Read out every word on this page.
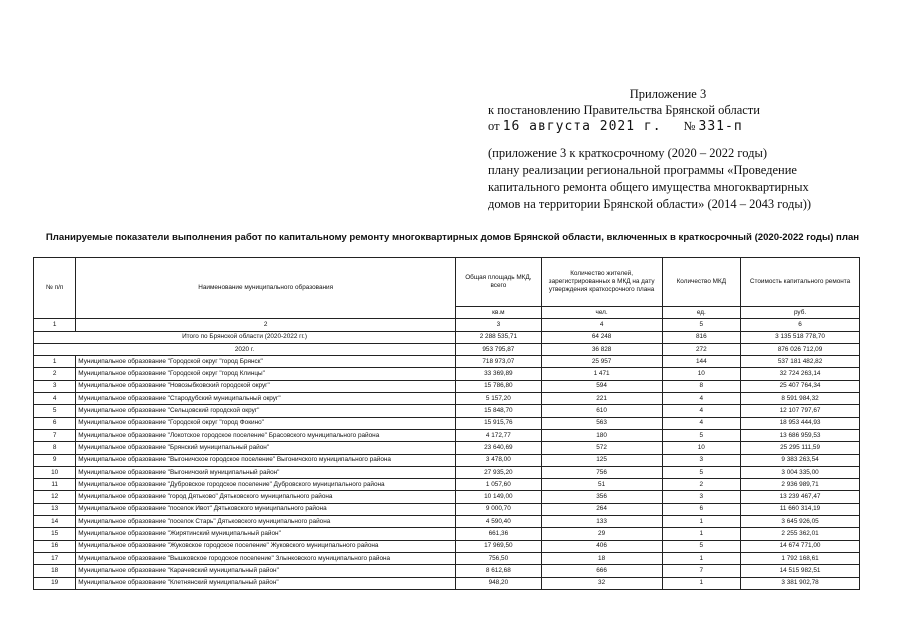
Приложение 3
к постановлению Правительства Брянской области
от 16 августа 2021 г. № 331-п
(приложение 3 к краткосрочному (2020 – 2022 годы)
плану реализации региональной программы «Проведение
капитального ремонта общего имущества многоквартирных
домов на территории Брянской области» (2014 – 2043 годы))
Планируемые показатели выполнения работ по капитальному ремонту многоквартирных домов Брянской области, включенных в краткосрочный (2020-2022 годы) план
№ п/п	Наименование муниципального образования	Общая площадь МКД, всего	Количество жителей, зарегистрированных в МКД на дату утверждения краткосрочного плана	Количество МКД	Стоимость капитального ремонта
		кв.м	чел.	ед.	руб.
1	2	3	4	5	6
Итого по Брянской области (2020-2022 гг.)		2 288 535,71	64 248	816	3 135 518 778,70
2020 г.		953 795,87	36 828	272	876 026 712,09
1	Муниципальное образование "Городской округ "город Брянск"	718 973,07	25 957	144	537 181 482,82
2	Муниципальное образование "Городской округ "город Клинцы"	33 369,89	1 471	10	32 724 263,14
3	Муниципальное образование "Новозыбковский городской округ"	15 786,80	594	8	25 407 764,34
4	Муниципальное образование "Стародубский муниципальный округ"	5 157,20	221	4	8 591 984,32
5	Муниципальное образование "Сельцовский городской округ"	15 848,70	610	4	12 107 797,67
6	Муниципальное образование "Городской округ "город Фокино"	15 915,76	563	4	18 953 444,93
7	Муниципальное образование "Локотское городское поселение" Брасовского муниципального района	4 172,77	180	5	13 686 959,53
8	Муниципальное образование "Брянский муниципальный район"	23 640,69	572	10	25 295 111,59
9	Муниципальное образование "Выгоничское городское поселение" Выгоничского муниципального района	3 478,00	125	3	9 383 263,54
10	Муниципальное образование "Выгоничский муниципальный район"	27 935,20	756	5	3 004 335,00
11	Муниципальное образование "Дубровское городское поселение" Дубровского муниципального района	1 057,60	51	2	2 936 989,71
12	Муниципальное образование "город Дятьково" Дятьковского муниципального района	10 149,00	356	3	13 239 467,47
13	Муниципальное образование "поселок Ивот" Дятьковского муниципального района	9 000,70	264	6	11 660 314,19
14	Муниципальное образование "поселок Старь" Дятьковского муниципального района	4 590,40	133	1	3 645 926,05
15	Муниципальное образование "Жирятинский муниципальный район"	661,36	29	1	2 255 362,01
16	Муниципальное образование "Жуковское городское поселение" Жуковского муниципального района	17 969,50	406	5	14 674 771,00
17	Муниципальное образование "Вышковское городское поселение" Злынковского муниципального района	756,50	18	1	1 792 168,61
18	Муниципальное образование "Карачевский муниципальный район"	8 612,68	666	7	14 515 982,51
19	Муниципальное образование "Клетнянский муниципальный район"	948,20	32	1	3 381 902,78
